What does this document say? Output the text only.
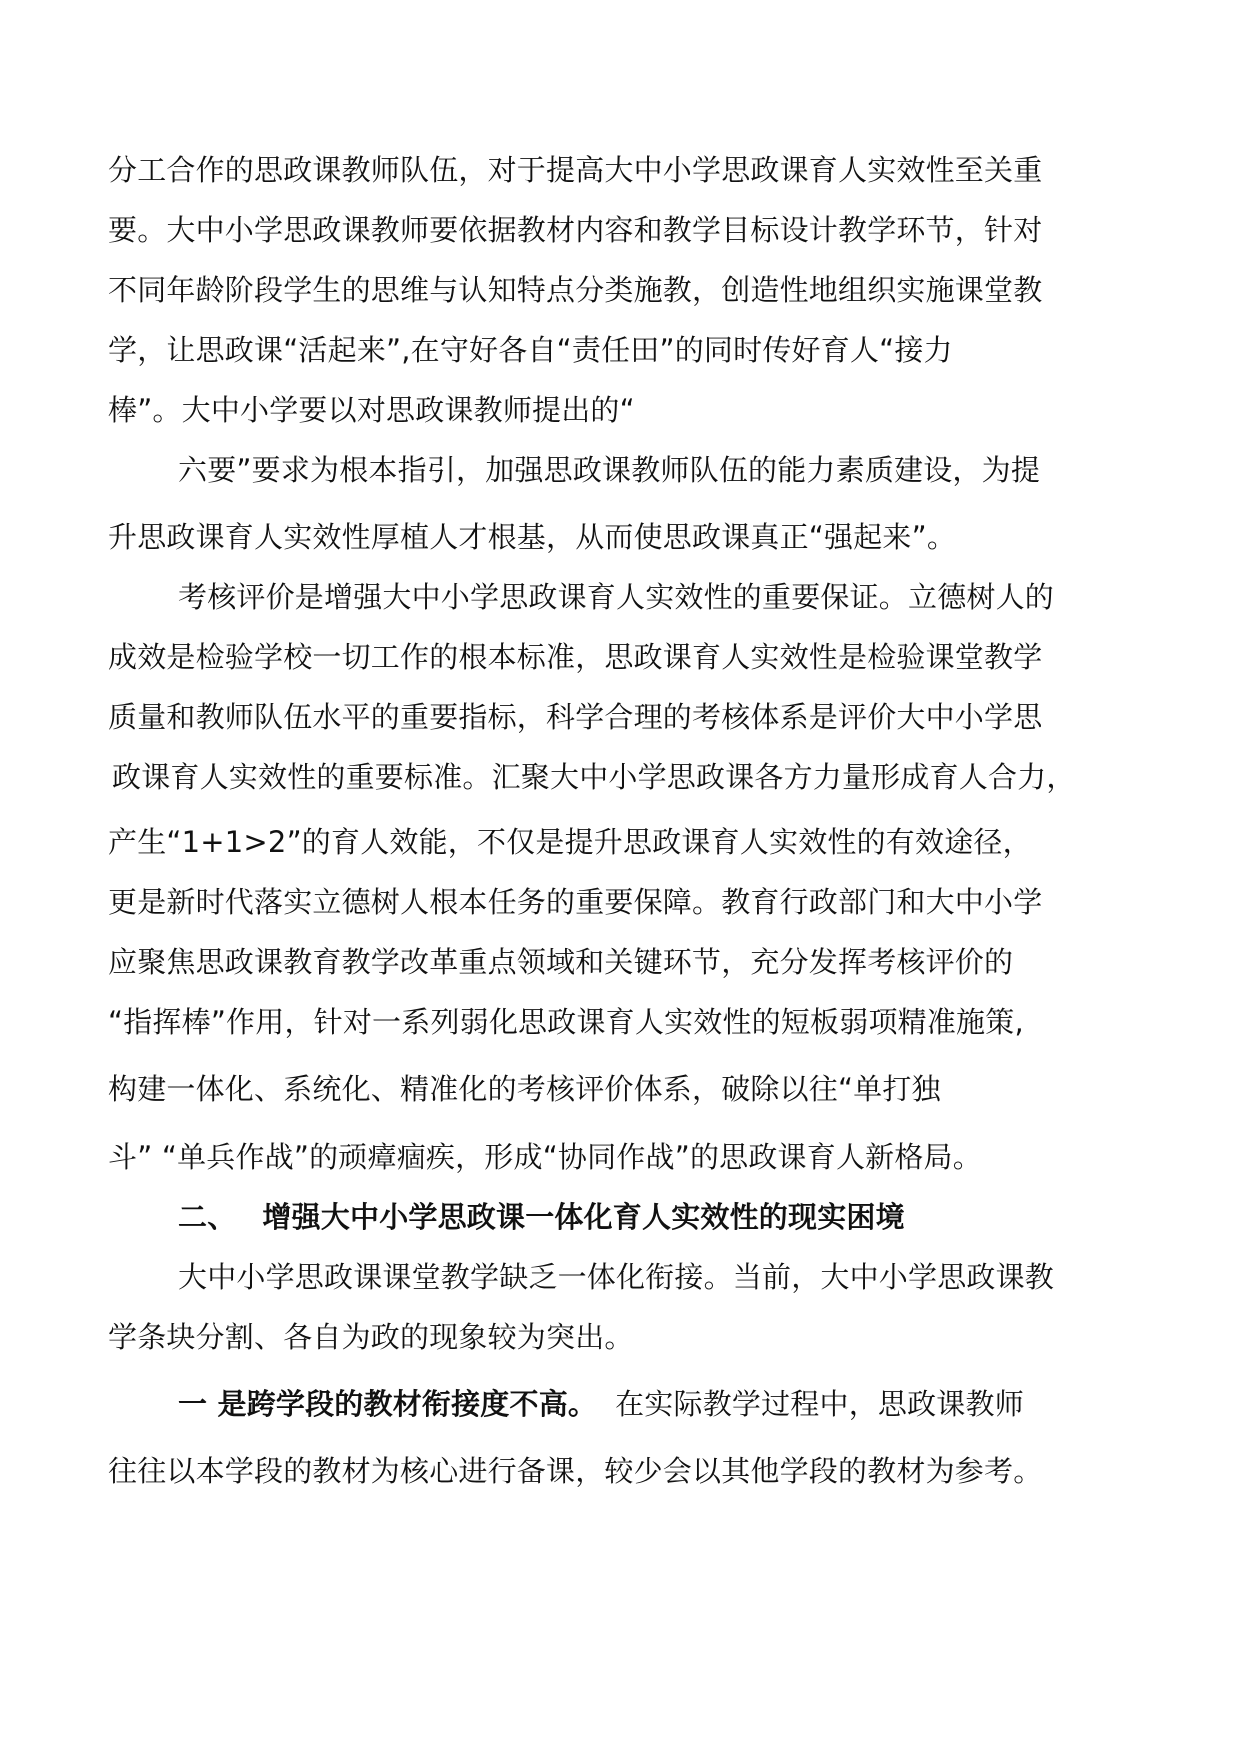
分工合作的思政课教师队伍，对于提高大中小学思政课育人实效性至关重
要。大中小学思政课教师要依据教材内容和教学目标设计教学环节，针对
不同年龄阶段学生的思维与认知特点分类施教，创造性地组织实施课堂教
学，让思政课“活起来”,在守好各自“责任田”的同时传好育人“接力
棒”。大中小学要以对思政课教师提出的“
六要”要求为根本指引，加强思政课教师队伍的能力素质建设，为提
升思政课育人实效性厚植人才根基，从而使思政课真正“强起来”。
考核评价是增强大中小学思政课育人实效性的重要保证。立德树人的
成效是检验学校一切工作的根本标准，思政课育人实效性是检验课堂教学
质量和教师队伍水平的重要指标，科学合理的考核体系是评价大中小学思
政课育人实效性的重要标准。汇聚大中小学思政课各方力量形成育人合力，
产生“1+1>2”的育人效能，不仅是提升思政课育人实效性的有效途径，
更是新时代落实立德树人根本任务的重要保障。教育行政部门和大中小学
应聚焦思政课教育教学改革重点领域和关键环节，充分发挥考核评价的
“指挥棒”作用，针对一系列弱化思政课育人实效性的短板弱项精准施策,
构建一体化、系统化、精准化的考核评价体系，破除以往“单打独
斗” “单兵作战”的顽瘴痼疾，形成“协同作战”的思政课育人新格局。
二、 增强大中小学思政课一体化育人实效性的现实困境
大中小学思政课课堂教学缺乏一体化衔接。当前，大中小学思政课教
学条块分割、各自为政的现象较为突出。
一 是跨学段的教材衔接度不高。 在实际教学过程中，思政课教师
往往以本学段的教材为核心进行备课，较少会以其他学段的教材为参考。
